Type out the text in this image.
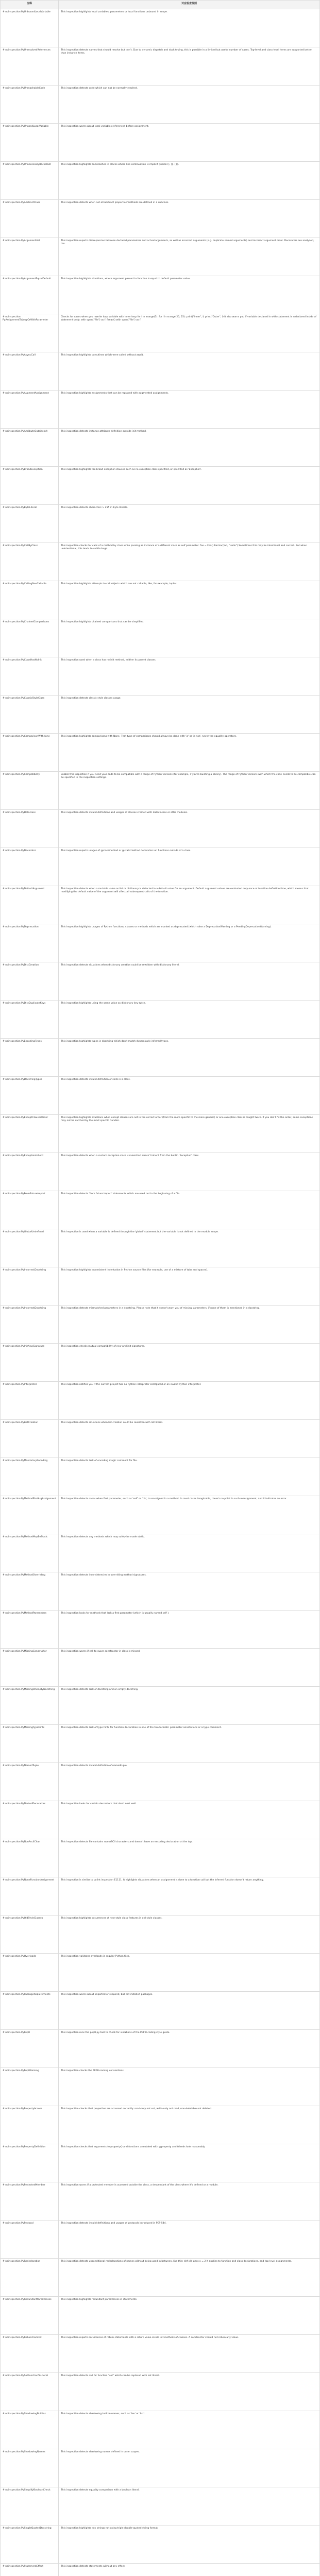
注释	对应检查规则
# noinspection PyUnboundLocalVariable	This inspection highlights local variables, parameters or local functions unbound in scope.
# noinspection PyUnresolvedReferences	This inspection detects names that should resolve but don't. Due to dynamic dispatch and duck typing, this is possible in a limited but useful number of cases. Top-level and class-level items are supported better than instance items.
# noinspection PyUnreachableCode	This inspection detects code which can not be normally reached.
# noinspection PyUnusedLocalVariable	This inspection warns about local variables referenced before assignment.
# noinspection PyUnnecessaryBackslash	This inspection highlights backslashes in places where line continuation is implicit (inside (), [], {}).
# noinspection PyAbstractClass	This inspection detects when not all abstract properties/methods are defined in a subclass.
# noinspection PyArgumentList	This inspection reports discrepancies between declared parameters and actual arguments, as well as incorrect arguments (e.g. duplicate named arguments) and incorrect argument order. Decorators are analyzed, too.
# noinspection PyArgumentEqualDefault	This inspection highlights situations, where argument passed to function is equal to default parameter value.
# noinspection PyAssignmentToLoopOrWithParameter	Checks for cases when you rewrite loop variable with inner loop for i in xrange(5): for i in xrange(20, 25): print("Inner", i) print("Outer", i) It also warns you if variable declared in with statement is redeclared inside of statement body: with open("file") as f: f.read() with open("file") as f:
# noinspection PyAsyncCall	This inspection highlights coroutines which were called without await.
# noinspection PyAugmentAssignment	This inspection highlights assignments that can be replaced with augmented assignments.
# noinspection PyAttributeOutsideInit	This inspection detects instance attribute definition outside init method.
# noinspection PyBroadException	This inspection highlights too broad exception clauses such as no exception class specified, or specified as 'Exception'.
# noinspection PyByteLiteral	This inspection detects characters > 255 in byte literals.
# noinspection PyCallByClass	This inspection checks for calls of a method by class while passing an instance of a different class as self parameter: foo = Foo() Bar.bar(foo, "Hello") Sometimes this may be intentional and correct. But when unintentional, this leads to subtle bugs.
# noinspection PyCallingNonCallable	This inspection highlights attempts to call objects which are not callable, like, for example, tuples.
# noinspection PyChainedComparisons	This inspection highlights chained comparisons that can be simplified.
# noinspection PyClassHasNoInit	This inspection used when a class has no init method, neither its parent classes.
# noinspection PyClassicStyleClass	This inspection detects classic style classes usage.
# noinspection PyComparisonWithNone	This inspection highlights comparisons with None. That type of comparisons should always be done with 'is' or 'is not', never the equality operators.
# noinspection PyCompatibility	Enable this inspection if you need your code to be compatible with a range of Python versions (for example, if you're building a library). The range of Python versions with which the code needs to be compatible can be specified in the inspection settings.
# noinspection PyDataclass	This inspection detects invalid definitions and usages of classes created with dataclasses or attrs modules.
# noinspection PyDecorator	This inspection reports usages of @classmethod or @staticmethod decorators on functions outside of a class.
# noinspection PyDefaultArgument	This inspection detects when a mutable value as list or dictionary is detected in a default value for an argument. Default argument values are evaluated only once at function definition time, which means that modifying the default value of the argument will affect all subsequent calls of the function.
# noinspection PyDeprecation	This inspection highlights usages of Python functions, classes or methods which are marked as deprecated (which raise a DeprecationWarning or a PendingDeprecationWarning).
# noinspection PyDictCreation	This inspection detects situations when dictionary creation could be rewritten with dictionary literal.
# noinspection PyDictDuplicateKeys	This inspection highlights using the same value as dictionary key twice.
# noinspection PyEncodingTypes	This inspection highlights types in docstring which don't match dynamically inferred types.
# noinspection PyDocstringTypes	This inspection detects invalid definition of slots in a class.
# noinspection PyExceptClausesOrder	This inspection highlights situations when except clauses are not in the correct order (from the more specific to the more generic) or one exception class is caught twice. If you don't fix the order, some exceptions may not be catched by the most specific handler.
# noinspection PyExceptionInherit	This inspection detects when a custom exception class is raised but doesn't inherit from the builtin 'Exception' class.
# noinspection PyFromFutureImport	This inspection detects 'from future import' statements which are used not in the beginning of a file.
# noinspection PyGlobalUndefined	This inspection is used when a variable is defined through the 'global' statement but the variable is not defined in the module scope.
# noinspection PyIncorrectDocstring	This inspection highlights inconsistent indentation in Python source files (for example, use of a mixture of tabs and spaces).
# noinspection PyIncorrectDocstring	This inspection detects mismatched parameters in a docstring. Please note that it doesn't warn you of missing parameters, if none of them is mentioned in a docstring.
# noinspection PyInitNewSignature	This inspection checks mutual compatibility of new and init signatures.
# noinspection PyInterpreter	This inspection notifies you if the current project has no Python interpreter configured or an invalid Python interpreter.
# noinspection PyListCreation	This inspection detects situations when list creation could be rewritten with list literal.
# noinspection PyMandatoryEncoding	This inspection detects lack of encoding magic comment for file.
# noinspection PyMethodFirstArgAssignment	This inspection detects cases when first parameter, such as 'self' or 'cls', is reassigned in a method. In most cases imaginable, there's no point in such reassignment, and it indicates an error.
# noinspection PyMethodMayBeStatic	This inspection detects any methods which may safely be made static.
# noinspection PyMethodOverriding	This inspection detects inconsistencies in overriding method signatures.
# noinspection PyMethodParameters	This inspection looks for methods that lack a first parameter (which is usually named self ).
# noinspection PyMissingConstructor	This inspection warns if call to super constructor in class is missed.
# noinspection PyMissingOrEmptyDocstring	This inspection detects lack of docstring and an empty docstring.
# noinspection PyMissingTypeHints	This inspection detects lack of type hints for function declaration in one of the two formats: parameter annotations or a type comment.
# noinspection PyNamedTuple	This inspection detects invalid definition of namedtuple.
# noinspection PyNestedDecorators	This inspection looks for certain decorators that don't nest well.
# noinspection PyNonAsciiChar	This inspection detects file contains non-ASCII characters and doesn't have an encoding declaration at the top.
# noinspection PyNoneFunctionAssignment	This inspection is similar to pylint inspection E1111. It highlights situations when an assignment is done to a function call but the inferred function doesn't return anything.
# noinspection PyOldStyleClasses	This inspection highlights occurrences of new-style class features in old-style classes.
# noinspection PyOverloads	This inspection validates overloads in regular Python files.
# noinspection PyPackageRequirements	This inspection warns about imported or required, but not installed packages.
# noinspection PyPep8	This inspection runs the pep8.py tool to check for violations of the PEP 8 coding style guide.
# noinspection PyPep8Naming	This inspection checks the PEP8 naming conventions.
# noinspection PyPropertyAccess	This inspection checks that properties are accessed correctly: read-only not set, write-only not read, non-deletable not deleted.
# noinspection PyPropertyDefinition	This inspection checks that arguments to property() and functions annotated with @property and friends look reasonably.
# noinspection PyProtectedMember	This inspection warns if a protected member is accessed outside the class, a descendant of the class where it's defined or a module.
# noinspection PyProtocol	This inspection detects invalid definitions and usages of protocols introduced in PEP-544.
# noinspection PyRedeclaration	This inspection detects unconditional redeclarations of names without being used in between, like this: def x(): pass x = 2 It applies to function and class declarations, and top-level assignments.
# noinspection PyRedundantParentheses	This inspection highlights redundant parentheses in statements.
# noinspection PyReturnFromInit	This inspection reports occurrences of return statements with a return value inside init methods of classes. A constructor should not return any value.
# noinspection PySetFunctionToLiteral	This inspection detects call for function "set" which can be replaced with set literal.
# noinspection PyShadowingBuiltins	This inspection detects shadowing built-in names, such as 'len' or 'list'.
# noinspection PyShadowingNames	This inspection detects shadowing names defined in outer scopes.
# noinspection PySimplifyBooleanCheck	This inspection detects equality comparison with a boolean literal.
# noinspection PySingleQuotedDocstring	This inspection highlights doc strings not using triple double-quoted string format.
# noinspection PyStatementEffect	This inspection detects statements without any effect.
